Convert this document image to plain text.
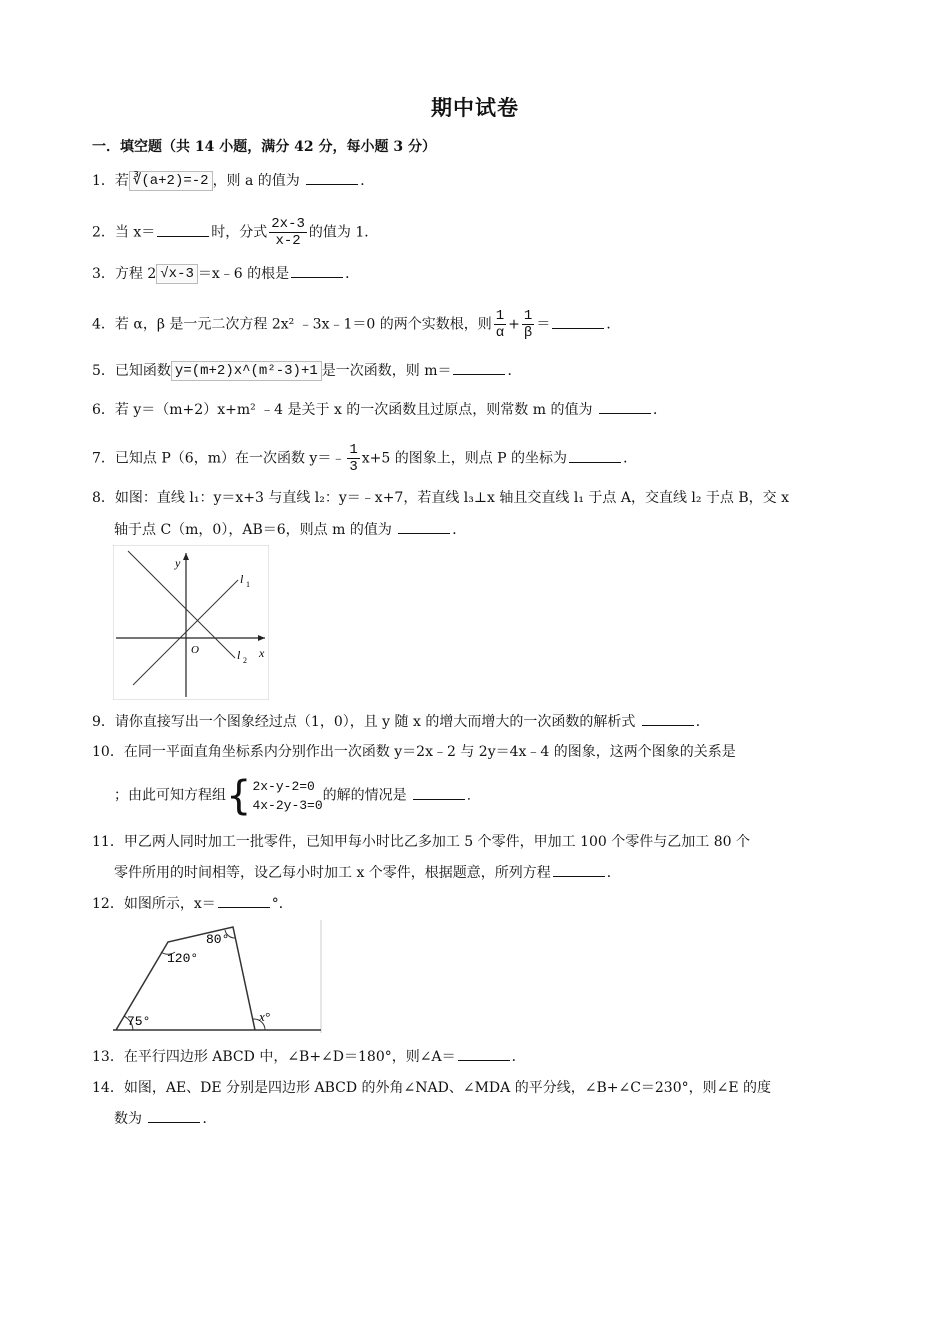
期中试卷
一．填空题（共 14 小题，满分 42 分，每小题 3 分）
1．若 ∛(a+2)=-2 ，则 a 的值为	．
2．当 x＝	时，分式 $\frac{2x-3}{x-2}$ 的值为 1．
3．方程 2 √x-3 ＝x﹣6 的根是	．
4．若 α，β 是一元二次方程 2x² ﹣3x﹣1＝0 的两个实数根，则 $\frac{1}{\alpha} + \frac{1}{\beta}$ ＝	．
5．已知函数 y=(m+2)x^(m²-3)+1 是一次函数，则 m＝	．
6．若 y＝（m+2）x+m² ﹣4 是关于 x 的一次函数且过原点，则常数 m 的值为	．
7．已知点 P（6，m）在一次函数 y＝﹣ $\frac{1}{3} x+5$ 的图象上，则点 P 的坐标为	．
8．如图：直线 l₁：y＝x+3 与直线 l₂：y＝﹣x+7，若直线 l₃⊥x 轴且交直线 l₁ 于点 A，交直线 l₂ 于点 B，交 x
轴于点 C（m，0），AB＝6，则点 m 的值为	．
y
x
O
l 1
l 2
9．请你直接写出一个图象经过点（1，0），且 y 随 x 的增大而增大的一次函数的解析式	．
10．在同一平面直角坐标系内分别作出一次函数 y＝2x﹣2 与 2y＝4x﹣4 的图象，这两个图象的关系是
；由此可知方程组 { 2x-y-2=0
4x-2y-3=0
的解的情况是	．
11．甲乙两人同时加工一批零件，已知甲每小时比乙多加工 5 个零件，甲加工 100 个零件与乙加工 80 个
零件所用的时间相等，设乙每小时加工 x 个零件，根据题意，所列方程	．
12．如图所示，x＝	°．
120°
80°
75°	x°
13．在平行四边形 ABCD 中，∠B+∠D＝180°，则∠A＝	．
14．如图，AE、DE 分别是四边形 ABCD 的外角∠NAD、∠MDA 的平分线，∠B+∠C＝230°，则∠E 的度
数为	．
